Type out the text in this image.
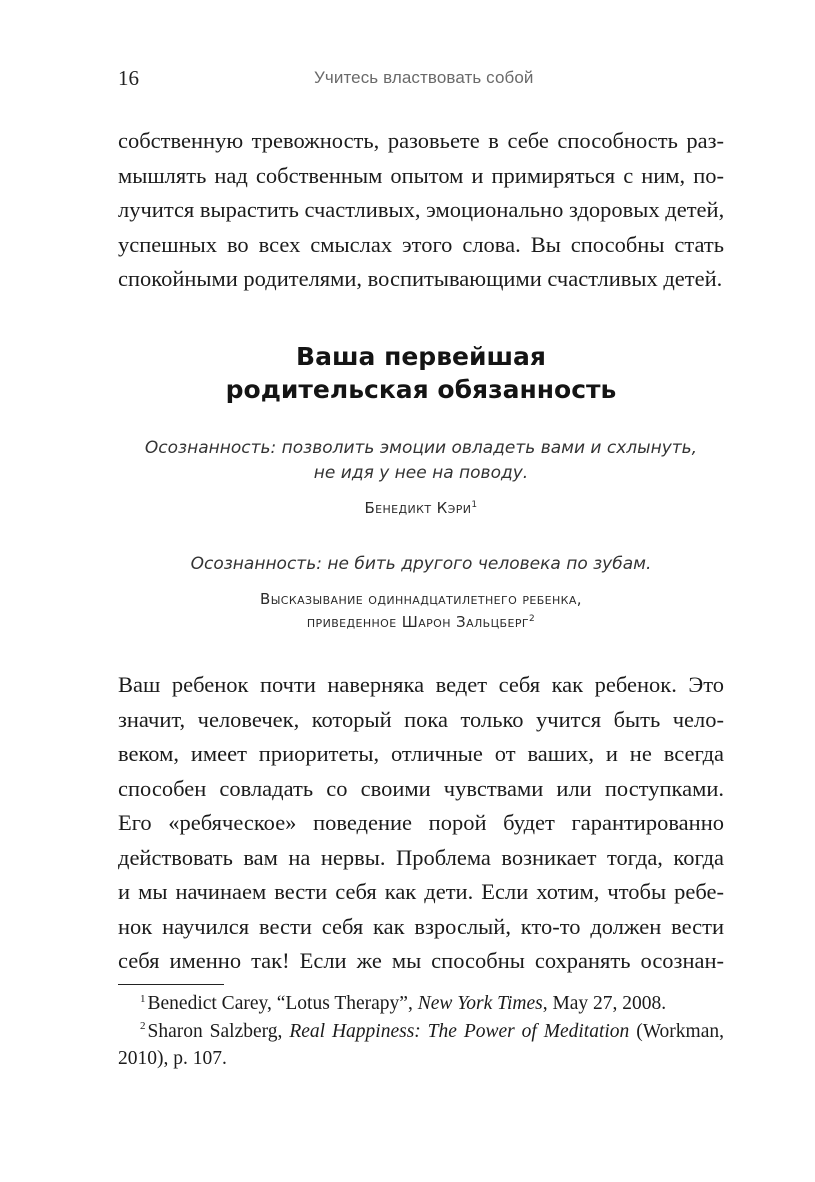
16	Учитесь властвовать собой
собственную тревожность, разовьете в себе способность раз-
мышлять над собственным опытом и примиряться с ним, по-
лучится вырастить счастливых, эмоционально здоровых детей,
успешных во всех смыслах этого слова. Вы способны стать
спокойными родителями, воспитывающими счастливых детей.
Ваша первейшая
родительская обязанность
Осознанность: позволить эмоции овладеть вами и схлынуть,
не идя у нее на поводу.
Бенедикт Кэри$^1$
Осознанность: не бить другого человека по зубам.
Высказывание одиннадцатилетнего ребенка,
приведенное Шарон Зальцберг$^2$
Ваш ребенок почти наверняка ведет себя как ребенок. Это
значит, человечек, который пока только учится быть чело-
веком, имеет приоритеты, отличные от ваших, и не всегда
способен совладать со своими чувствами или поступками.
Его «ребяческое» поведение порой будет гарантированно
действовать вам на нервы. Проблема возникает тогда, когда
и мы начинаем вести себя как дети. Если хотим, чтобы ребе-
нок научился вести себя как взрослый, кто-то должен вести
себя именно так! Если же мы способны сохранять осознан-
$^1$ Benedict Carey, “Lotus Therapy”, New York Times, May 27, 2008.
$^2$ Sharon Salzberg, Real Happiness: The Power of Meditation (Workman,
2010), p. 107.
